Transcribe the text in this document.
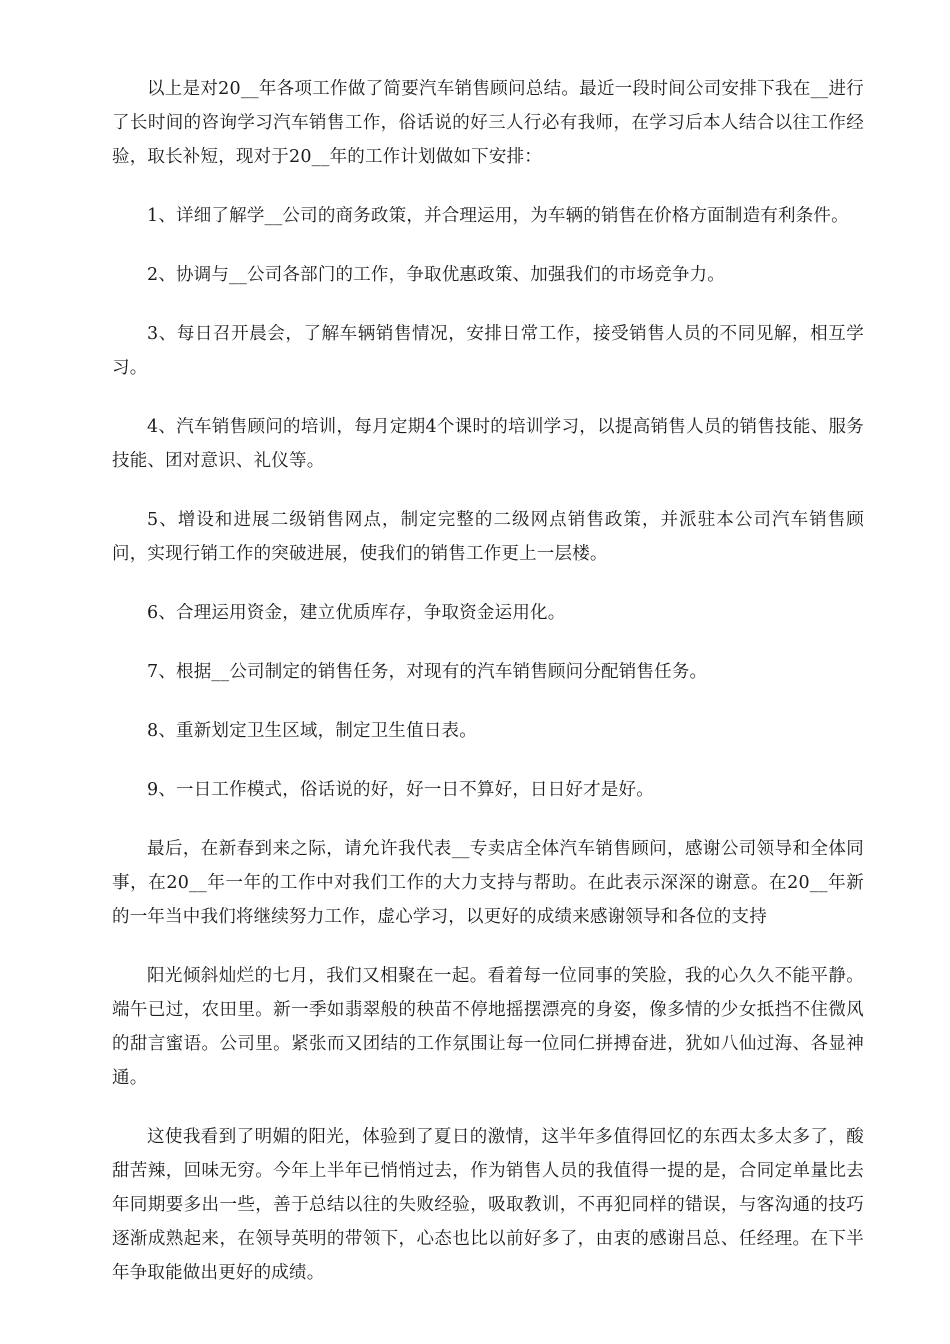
以上是对20__年各项工作做了简要汽车销售顾问总结。最近一段时间公司安排下我在__进行了长时间的咨询学习汽车销售工作，俗话说的好三人行必有我师，在学习后本人结合以往工作经验，取长补短，现对于20__年的工作计划做如下安排：

1、详细了解学__公司的商务政策，并合理运用，为车辆的销售在价格方面制造有利条件。

2、协调与__公司各部门的工作，争取优惠政策、加强我们的市场竞争力。

3、每日召开晨会，了解车辆销售情况，安排日常工作，接受销售人员的不同见解，相互学习。

4、汽车销售顾问的培训，每月定期4个课时的培训学习，以提高销售人员的销售技能、服务技能、团对意识、礼仪等。

5、增设和进展二级销售网点，制定完整的二级网点销售政策，并派驻本公司汽车销售顾问，实现行销工作的突破进展，使我们的销售工作更上一层楼。

6、合理运用资金，建立优质库存，争取资金运用化。

7、根据__公司制定的销售任务，对现有的汽车销售顾问分配销售任务。

8、重新划定卫生区域，制定卫生值日表。

9、一日工作模式，俗话说的好，好一日不算好，日日好才是好。

最后，在新春到来之际，请允许我代表__专卖店全体汽车销售顾问，感谢公司领导和全体同事，在20__年一年的工作中对我们工作的大力支持与帮助。在此表示深深的谢意。在20__年新的一年当中我们将继续努力工作，虚心学习，以更好的成绩来感谢领导和各位的支持

阳光倾斜灿烂的七月，我们又相聚在一起。看着每一位同事的笑脸，我的心久久不能平静。端午已过，农田里。新一季如翡翠般的秧苗不停地摇摆漂亮的身姿，像多情的少女抵挡不住微风的甜言蜜语。公司里。紧张而又团结的工作氛围让每一位同仁拼搏奋进，犹如八仙过海、各显神通。

这使我看到了明媚的阳光，体验到了夏日的激情，这半年多值得回忆的东西太多太多了，酸甜苦辣，回味无穷。今年上半年已悄悄过去，作为销售人员的我值得一提的是，合同定单量比去年同期要多出一些，善于总结以往的失败经验，吸取教训，不再犯同样的错误，与客沟通的技巧逐渐成熟起来，在领导英明的带领下，心态也比以前好多了，由衷的感谢吕总、任经理。在下半年争取能做出更好的成绩。
